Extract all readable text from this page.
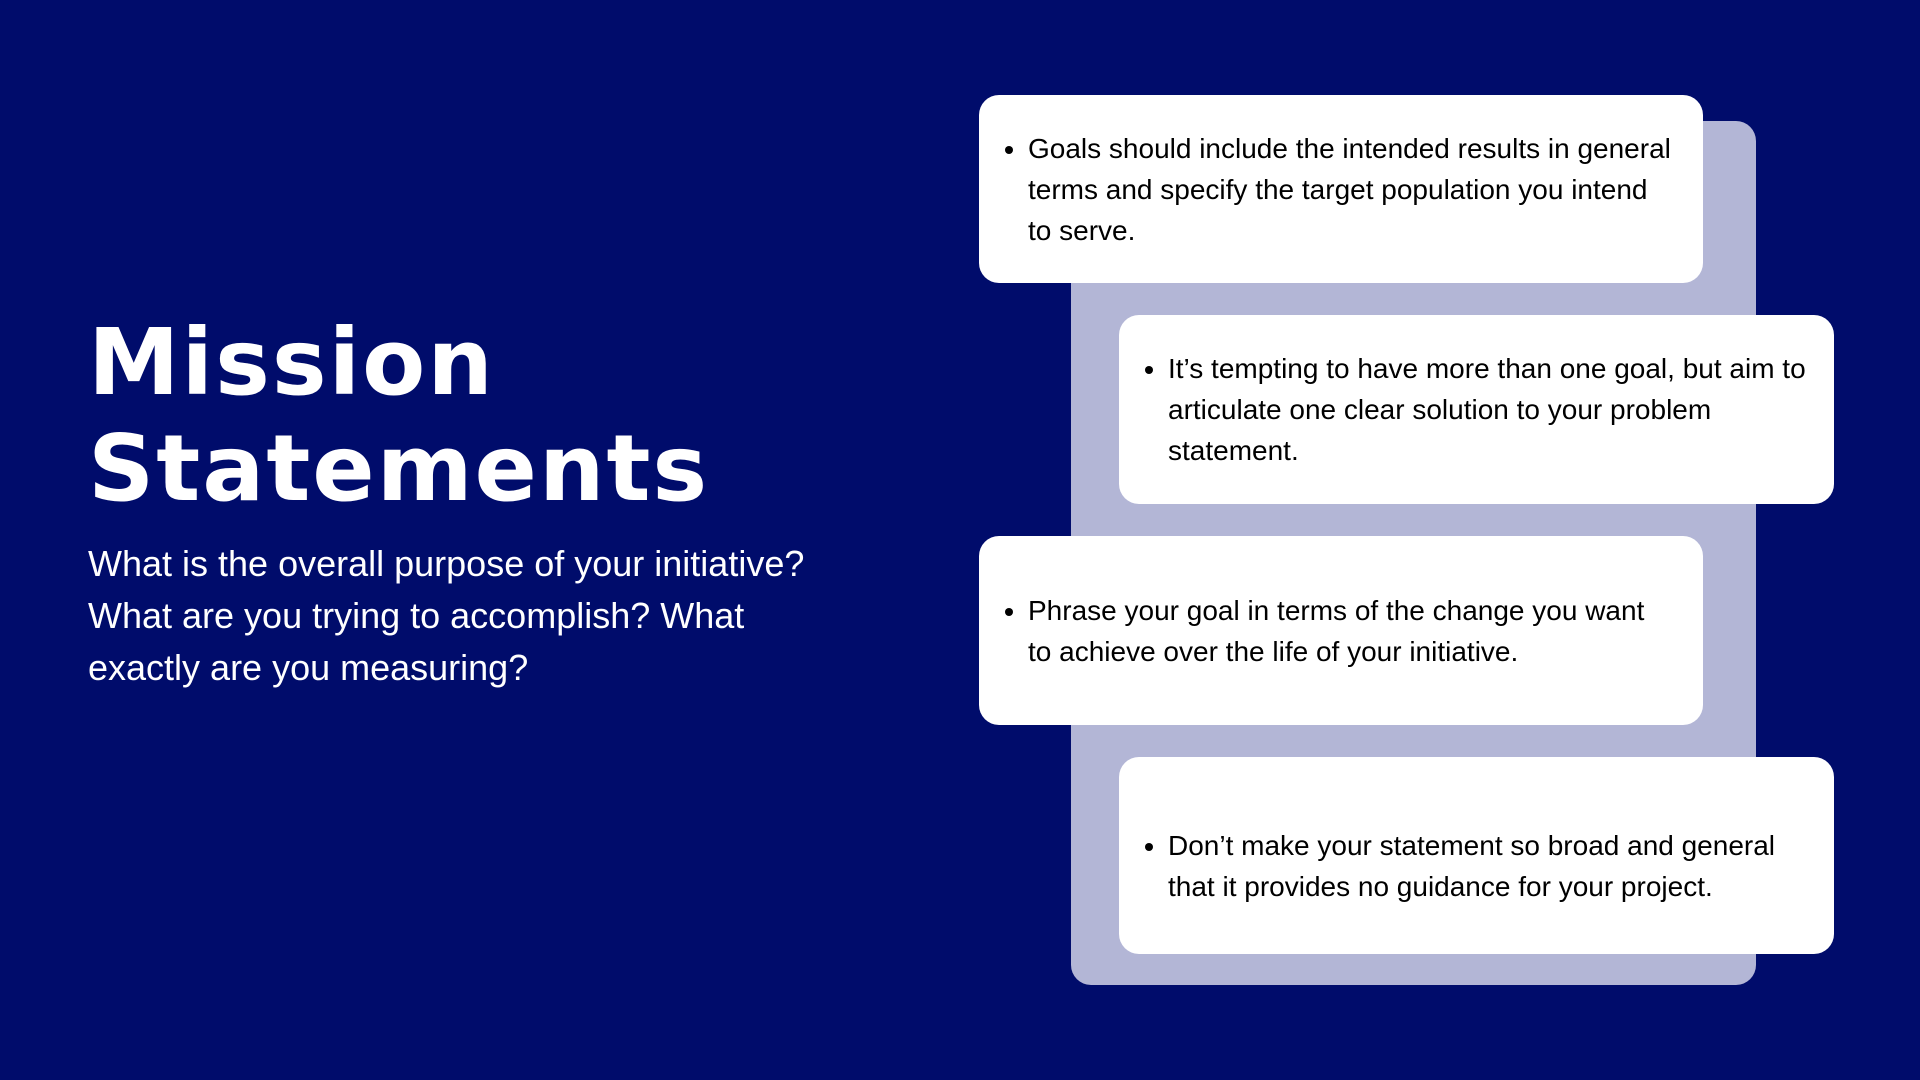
Mission Statements

What is the overall purpose of your initiative? What are you trying to accomplish? What exactly are you measuring?

• Goals should include the intended results in general terms and specify the target population you intend to serve.
• It’s tempting to have more than one goal, but aim to articulate one clear solution to your problem statement.
• Phrase your goal in terms of the change you want to achieve over the life of your initiative.
• Don’t make your statement so broad and general that it provides no guidance for your project.
